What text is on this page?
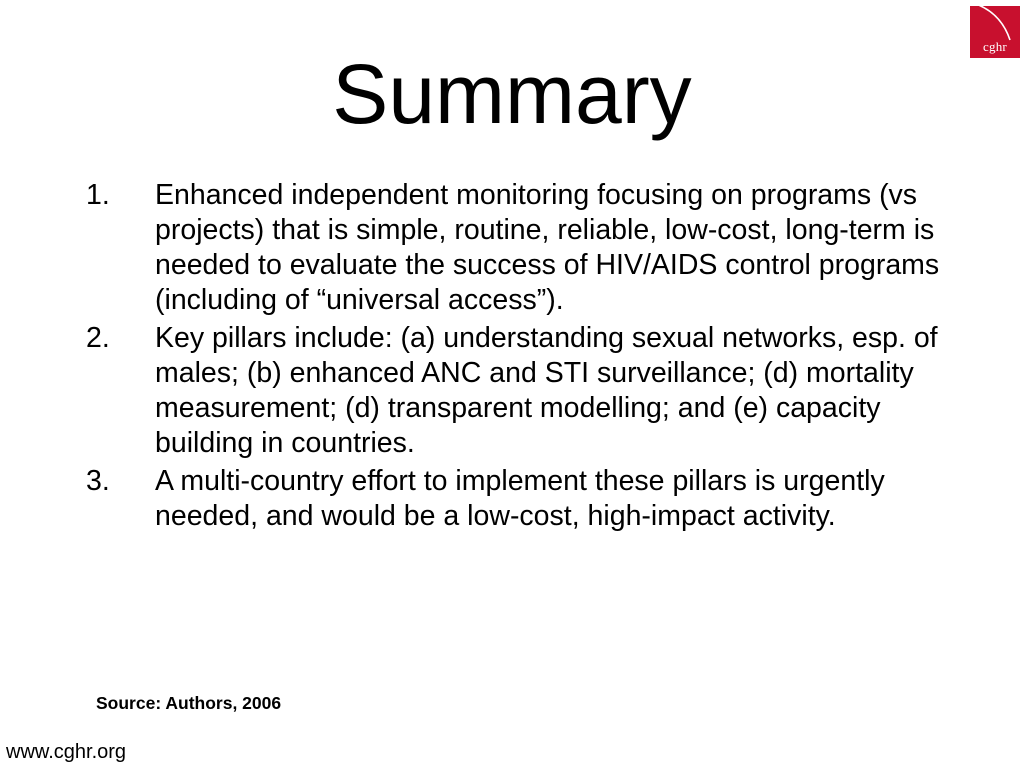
cghr
Summary
1. Enhanced independent monitoring focusing on programs (vs projects) that is simple, routine, reliable, low-cost, long-term is needed to evaluate the success of HIV/AIDS control programs (including of “universal access”).
2. Key pillars include: (a) understanding sexual networks, esp. of males; (b) enhanced ANC and STI surveillance; (d) mortality measurement; (d) transparent modelling; and (e) capacity building in countries.
3. A multi-country effort to implement these pillars is urgently needed, and would be a low-cost, high-impact activity.
Source: Authors, 2006
www.cghr.org
